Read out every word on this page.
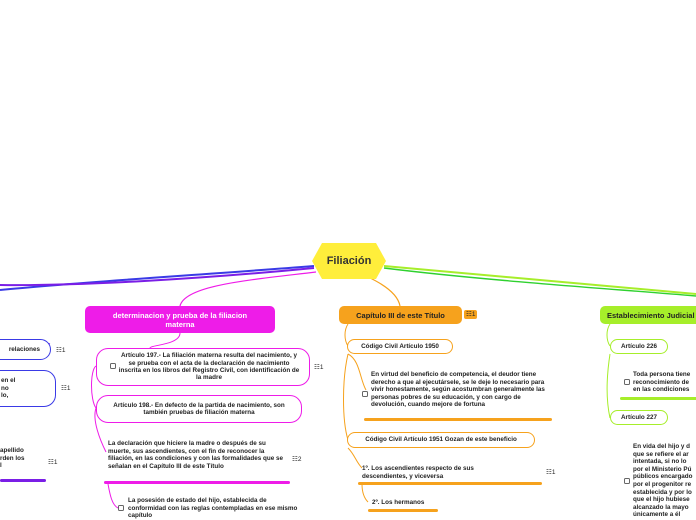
Filiación
determinacion y prueba de la filiacion materna
Artículo 197.- La filiación materna resulta del nacimiento, y se prueba con el acta de la declaración de nacimiento inscrita en los libros del Registro Civil, con identificación de la madre
☷1
Artículo 198.- En defecto de la partida de nacimiento, son también pruebas de filiación materna
La declaración que hiciere la madre o después de su muerte, sus ascendientes, con el fin de reconocer la filiación, en las condiciones y con las formalidades que se señalan en el Capítulo III de este Título
☷2
La posesión de estado del hijo, establecida de conformidad con las reglas contempladas en ese mismo capítulo
Capítulo III de este Título	☷1
Código Civil Artículo 1950
En virtud del beneficio de competencia, el deudor tiene derecho a que al ejecutársele, se le deje lo necesario para vivir honestamente, según acostumbran generalmente las personas pobres de su educación, y con cargo de devolución, cuando mejore de fortuna
Código Civil Artículo 1951 Gozan de este beneficio
1º. Los ascendientes respecto de sus descendientes, y viceversa
☷1
2º. Los hermanos
Establecimiento Judicial
Artículo 226
Toda persona tiene
reconocimiento de
en las condiciones
Artículo 227
En vida del hijo y d
que se refiere el ar
intentada, si no lo
por el Ministerio Pú
públicos encargado
por el progenitor re
establecida y por lo
que el hijo hubiese
alcanzado la mayo
únicamente a él
relaciones ☷1
en el
no
lo,
☷1
apellido
rden los
l	☷1
